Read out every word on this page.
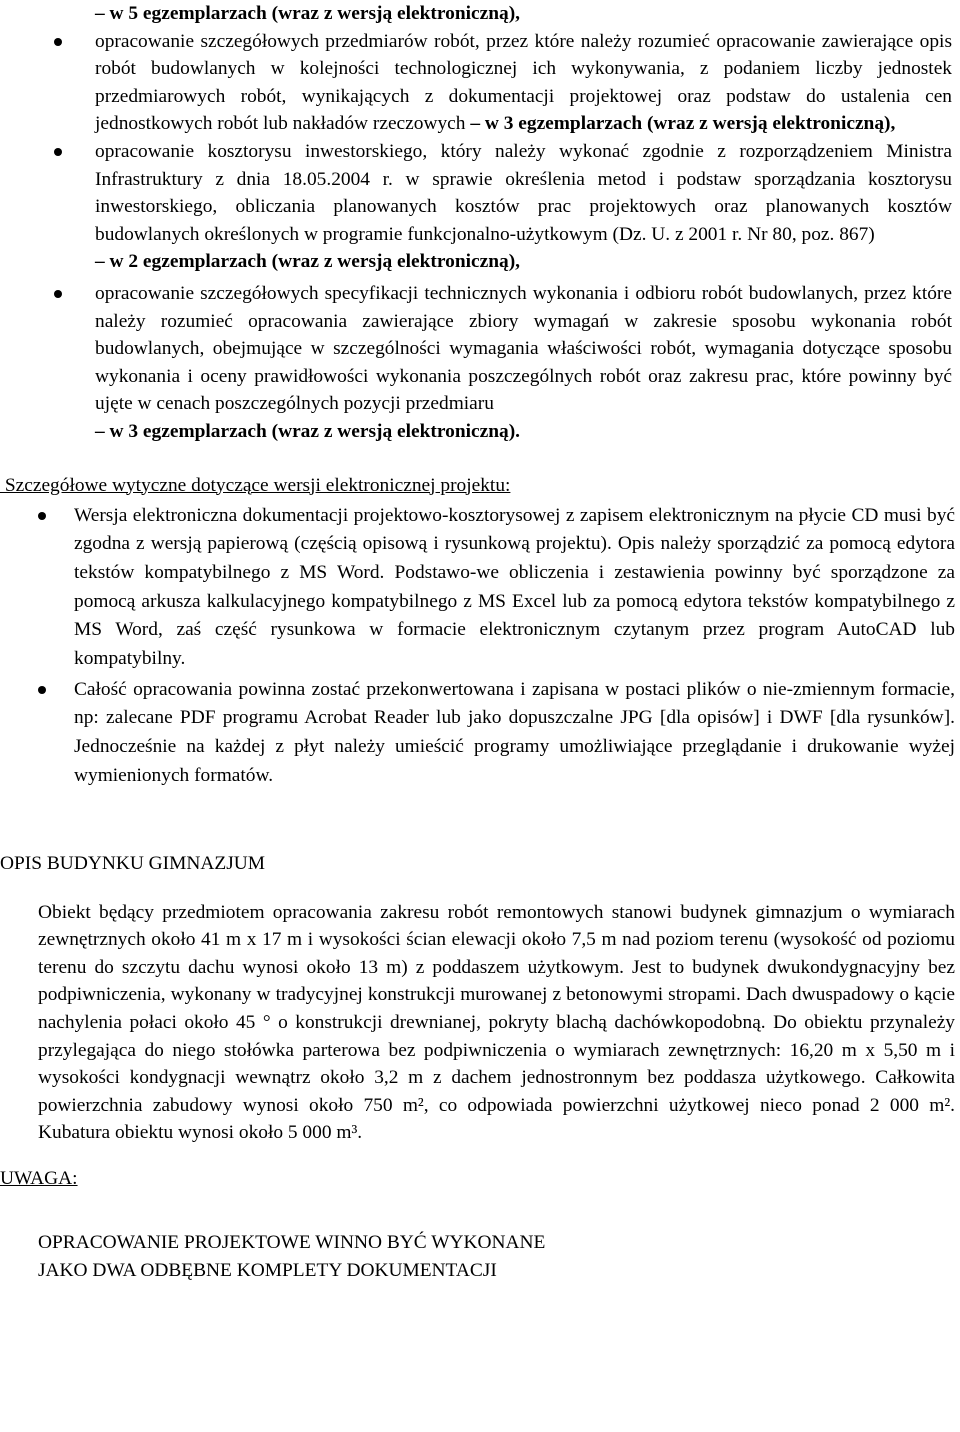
– w 5 egzemplarzach (wraz z wersją elektroniczną),

opracowanie szczegółowych przedmiarów robót, przez które należy rozumieć opracowanie zawierające opis robót budowlanych w kolejności technologicznej ich wykonywania, z podaniem liczby jednostek przedmiarowych robót, wynikających z dokumentacji projektowej oraz podstaw do ustalenia cen jednostkowych robót lub nakładów rzeczowych – w 3 egzemplarzach (wraz z wersją elektroniczną),

opracowanie kosztorysu inwestorskiego, który należy wykonać zgodnie z rozporządzeniem Ministra Infrastruktury z dnia 18.05.2004 r. w sprawie określenia metod i podstaw sporządzania kosztorysu inwestorskiego, obliczania planowanych kosztów prac projektowych oraz planowanych kosztów budowlanych określonych w programie funkcjonalno-użytkowym (Dz. U. z 2001 r. Nr 80, poz. 867)

– w 2 egzemplarzach (wraz z wersją elektroniczną),

opracowanie szczegółowych specyfikacji technicznych wykonania i odbioru robót budowlanych, przez które należy rozumieć opracowania zawierające zbiory wymagań w zakresie sposobu wykonania robót budowlanych, obejmujące w szczególności wymagania właściwości robót, wymagania dotyczące sposobu wykonania i oceny prawidłowości wykonania poszczególnych robót oraz zakresu prac, które powinny być ujęte w cenach poszczególnych pozycji przedmiaru

– w 3 egzemplarzach (wraz z wersją elektroniczną).

Szczegółowe wytyczne dotyczące wersji elektronicznej projektu:

Wersja elektroniczna dokumentacji projektowo-kosztorysowej z zapisem elektronicznym na płycie CD musi być zgodna z wersją papierową (częścią opisową i rysunkową projektu). Opis należy sporządzić za pomocą edytora tekstów kompatybilnego z MS Word. Podstawo-we obliczenia i zestawienia powinny być sporządzone za pomocą arkusza kalkulacyjnego kompatybilnego z MS Excel lub za pomocą edytora tekstów kompatybilnego z MS Word, zaś część rysunkowa w formacie elektronicznym czytanym przez program AutoCAD lub kompatybilny.

Całość opracowania powinna zostać przekonwertowana i zapisana w postaci plików o nie-zmiennym formacie, np: zalecane PDF programu Acrobat Reader lub jako dopuszczalne JPG [dla opisów] i DWF [dla rysunków]. Jednocześnie na każdej z płyt należy umieścić programy umożliwiające przeglądanie i drukowanie wyżej wymienionych formatów.

OPIS BUDYNKU GIMNAZJUM

Obiekt będący przedmiotem opracowania zakresu robót remontowych stanowi budynek gimnazjum o wymiarach zewnętrznych około 41 m x 17 m i wysokości ścian elewacji około 7,5 m nad poziom terenu (wysokość od poziomu terenu do szczytu dachu wynosi około 13 m) z poddaszem użytkowym. Jest to budynek dwukondygnacyjny bez podpiwniczenia, wykonany w tradycyjnej konstrukcji murowanej z betonowymi stropami. Dach dwuspadowy o kącie nachylenia połaci około 45 ° o konstrukcji drewnianej, pokryty blachą dachówkopodobną. Do obiektu przynależy przylegająca do niego stołówka parterowa bez podpiwniczenia o wymiarach zewnętrznych: 16,20 m x 5,50 m i wysokości kondygnacji wewnątrz około 3,2 m z dachem jednostronnym bez poddasza użytkowego. Całkowita powierzchnia zabudowy wynosi około 750 m², co odpowiada powierzchni użytkowej nieco ponad 2 000 m². Kubatura obiektu wynosi około 5 000 m³.

UWAGA:

OPRACOWANIE PROJEKTOWE WINNO BYĆ WYKONANE
JAKO DWA ODBĘBNE KOMPLETY DOKUMENTACJI
